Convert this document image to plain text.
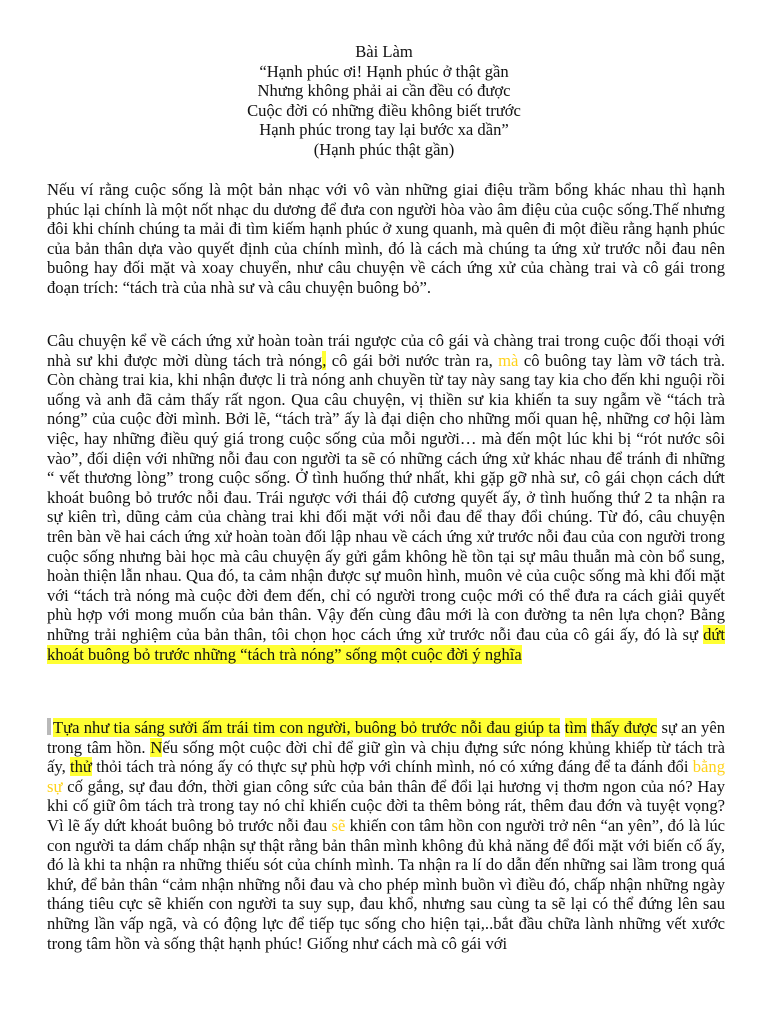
Bài Làm
“Hạnh phúc ơi! Hạnh phúc ở thật gần
Nhưng không phải ai cần đều có được
Cuộc đời có những điều không biết trước
Hạnh phúc trong tay lại bước xa dần”
(Hạnh phúc thật gần)
Nếu ví rằng cuộc sống là một bản nhạc với vô vàn những giai điệu trầm bổng khác nhau thì hạnh phúc lại chính là một nốt nhạc du dương để đưa con người hòa vào âm điệu của cuộc sống.Thế nhưng đôi khi chính chúng ta mải đi tìm kiếm hạnh phúc ở xung quanh, mà quên đi một điều rằng hạnh phúc của bản thân dựa vào quyết định của chính mình, đó là cách mà chúng ta ứng xử trước nỗi đau nên buông hay đối mặt và xoay chuyển, như câu chuyện về cách ứng xử của chàng trai và cô gái trong đoạn trích: “tách trà của nhà sư và câu chuyện buông bỏ”.
Câu chuyện kể về cách ứng xử hoàn toàn trái ngược của cô gái và chàng trai trong cuộc đối thoại với nhà sư khi được mời dùng tách trà nóng, cô gái bởi nước tràn ra, mà cô buông tay làm vỡ tách trà. Còn chàng trai kia, khi nhận được li trà nóng anh chuyền từ tay này sang tay kia cho đến khi nguội rồi uống và anh đã cảm thấy rất ngon. Qua câu chuyện, vị thiền sư kia khiến ta suy ngẫm về “tách trà nóng” của cuộc đời mình. Bởi lẽ, “tách trà” ấy là đại diện cho những mối quan hệ, những cơ hội làm việc, hay những điều quý giá trong cuộc sống của mỗi người… mà đến một lúc khi bị “rót nước sôi vào”, đối diện với những nỗi đau con người ta sẽ có những cách ứng xử khác nhau để tránh đi những “ vết thương lòng” trong cuộc sống. Ở tình huống thứ nhất, khi gặp gỡ nhà sư, cô gái chọn cách dứt khoát buông bỏ trước nỗi đau. Trái ngược với thái độ cương quyết ấy, ở tình huống thứ 2 ta nhận ra sự kiên trì, dũng cảm của chàng trai khi đối mặt với nỗi đau để thay đổi chúng. Từ đó, câu chuyện trên bàn về hai cách ứng xử hoàn toàn đối lập nhau về cách ứng xử trước nỗi đau của con người trong cuộc sống nhưng bài học mà câu chuyện ấy gửi gắm không hề tồn tại sự mâu thuẫn mà còn bổ sung, hoàn thiện lẫn nhau. Qua đó, ta cảm nhận được sự muôn hình, muôn vẻ của cuộc sống mà khi đối mặt với “tách trà nóng mà cuộc đời đem đến, chỉ có người trong cuộc mới có thể đưa ra cách giải quyết phù hợp với mong muốn của bản thân. Vậy đến cùng đâu mới là con đường ta nên lựa chọn? Bằng những trải nghiệm của bản thân, tôi chọn học cách ứng xử trước nỗi đau của cô gái ấy, đó là sự dứt khoát buông bỏ trước những “tách trà nóng” sống một cuộc đời ý nghĩa
Tựa như tia sáng sưởi ấm trái tim con người, buông bỏ trước nỗi đau giúp ta tìm thấy được sự an yên trong tâm hồn. Nếu sống một cuộc đời chỉ để giữ gìn và chịu đựng sức nóng khủng khiếp từ tách trà ấy, thử thỏi tách trà nóng ấy có thực sự phù hợp với chính mình, nó có xứng đáng để ta đánh đổi bằng sự cố gắng, sự đau đớn, thời gian công sức của bản thân để đổi lại hương vị thơm ngon của nó? Hay khi cố giữ ôm tách trà trong tay nó chỉ khiến cuộc đời ta thêm bỏng rát, thêm đau đớn và tuyệt vọng? Vì lẽ ấy dứt khoát buông bỏ trước nỗi đau sẽ khiến con tâm hồn con người trở nên “an yên”, đó là lúc con người ta dám chấp nhận sự thật rằng bản thân mình không đủ khả năng để đối mặt với biến cố ấy, đó là khi ta nhận ra những thiếu sót của chính mình. Ta nhận ra lí do dẫn đến những sai lầm trong quá khứ, để bản thân “cảm nhận những nỗi đau và cho phép mình buồn vì điều đó, chấp nhận những ngày tháng tiêu cực sẽ khiến con người ta suy sụp, đau khổ, nhưng sau cùng ta sẽ lại có thể đứng lên sau những lần vấp ngã, và có động lực để tiếp tục sống cho hiện tại,..bắt đầu chữa lành những vết xước trong tâm hồn và sống thật hạnh phúc! Giống như cách mà cô gái với
